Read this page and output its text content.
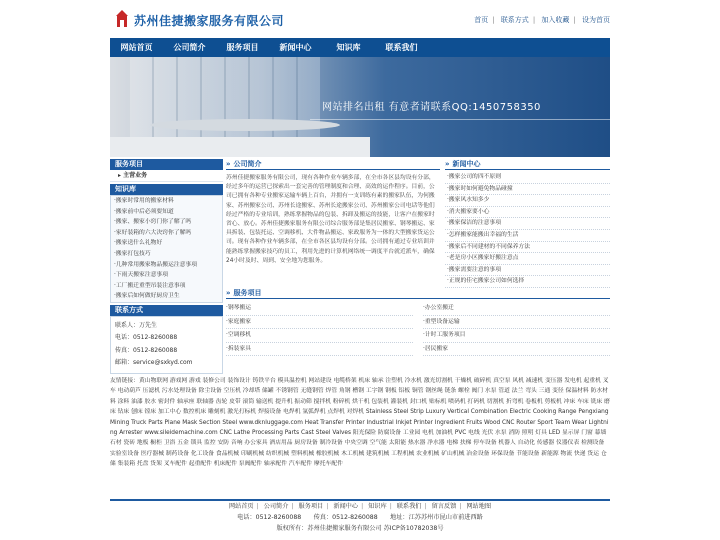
苏州佳捷搬家服务有限公司	首页 | 联系方式 | 加入收藏 | 设为首页
网站首页	公司简介	服务项目	新闻中心	知识库	联系我们
网站排名出租 有意者请联系QQ:1450758350
服务项目
▸ 主营业务
知识库
·搬家时常用的搬家材料
·搬家前中后必须要知道
·搬家、搬家小窍门你了解了吗
·家好装箱的六大决窍你了解吗
·搬家送什么礼物好
·搬家打包技巧
·几种常用搬家物品搬运注意事项
·下雨天搬家注意事项
·工厂搬迁重型吊装注意事项
·搬家后如何做好厨房卫生
联系方式
联系人：万先生
电话：0512-8260088
传真：0512-8260088
邮箱：service@sxkyd.com
» 公司简介
苏州佳捷搬家服务有限公司，现有各种作业车辆多部，在全市各区县均设有分部，经过多年的运营已探索出一套完善的管理制度和合理、高效的运作程序。目前，公司已拥有各种专业搬家运输车辆上百台，并拥有一支训练有素的搬家队伍，为何搬家、苏州搬家公司、苏州长途搬家、苏州长途搬家公司、苏州搬家公司电话等他们经过严格的专业培训，熟练掌握物品的包装、拆卸及搬运的技能，让客户在搬家时省心、放心。苏州佳捷搬家服务有限公司综合服务部是集居民搬家、钢琴搬运、家具拆装、包装托运、空调移机、大件物品搬运、家政服务为一体的大型搬家货运公司。现有各种作业车辆多部，在全市各区县均设有分部。公司拥有通过专业培训并能熟练掌握搬家技巧的员工，利用先进的计算机网络统一调度平台就近派车，确保24小时及时、周到、安全地为您服务。
» 新闻中心
·搬家公司的四不原则
·搬家时如何避免物品碰撞
·搬家风水知多少
·消夫搬家要小心
·搬家保洁的注意事项
·怎样搬家能搬出幸福的生活
·搬家后不同建材的不同保养方法
·老是房小区搬家好搬注意点
·搬家需要注意的事项
·正规的佳宅搬家公司如何选择
» 服务项目
·钢琴搬运	·办公室搬迁
·家庭搬家	·重型设备运输
·空调移机	·计时工服务项目
·拆装家具	·居民搬家
友情链接：黄山物联网 游戏网 游戏 装修公司 装饰设计 铸铁平台 模具温控机 网站建设 电缆桥架 机床 轴承 注塑机 冷水机 激光切割机 干燥机 破碎机 真空泵 风机 减速机 变压器 发电机 起重机 叉车 电动葫芦 压滤机 污水处理设备 除尘设备 空压机 冷却塔 储罐 不锈钢管 无缝钢管 焊管 角钢 槽钢 工字钢 钢板 铝板 铜管 钢丝绳 链条 螺栓 阀门 水泵 管道 法兰 弯头 三通 变径 保温材料 防水材料 涂料 油漆 胶水 密封件 轴承座 联轴器 齿轮 皮带 滚筒 输送机 提升机 振动筛 搅拌机 粉碎机 烘干机 包装机 灌装机 封口机 贴标机 喷码机 打码机 切割机 折弯机 卷板机 剪板机 冲床 车床 铣床 磨床 钻床 刨床 镗床 加工中心 数控机床 雕刻机 激光打标机 焊接设备 电焊机 氩弧焊机 点焊机 对焊机 Stainless Steel Strip Luxury Vertical Combination Electric Cooking Range Pengxiang Mining Truck Parts Plane Mask Section Steel www.dknluggage.com Heat Transfer Printer Industrial Inkjet Printer Ingredient Fruits Wood CNC Router Sport Team Wear Lightning Arrester www.sileidemachine.com CNC Lathe Processing Parts Cast Steel Valves 阳光保险 防腐设备 工业园 电机 加油机 PVC 电线 光伏 水泵 消防 照明 灯具 LED 显示屏 门窗 幕墙 石材 瓷砖 地板 橱柜 卫浴 五金 锁具 监控 安防 音响 办公家具 酒店用品 厨房设备 制冷设备 中央空调 空气能 太阳能 热水器 净水器 电梯 扶梯 停车设备 机器人 自动化 传感器 仪器仪表 检测设备 实验室设备 医疗器械 制药设备 化工设备 食品机械 印刷机械 纺织机械 塑料机械 橡胶机械 木工机械 建筑机械 工程机械 农业机械 矿山机械 冶金设备 环保设备 节能设备 新能源 物流 快递 货运 仓储 集装箱 托盘 货架 叉车配件 起重配件 机床配件 泵阀配件 轴承配件 汽车配件 摩托车配件
网站首页 | 公司简介 | 服务项目 | 新闻中心 | 知识库 | 联系我们 | 留言反馈 | 网站地图
电话：0512-8260088　　传真：0512-8260088　　地址：江苏苏州市昆山市前进西路
版权所有：苏州佳捷搬家服务有限公司 苏ICP备10782038号
